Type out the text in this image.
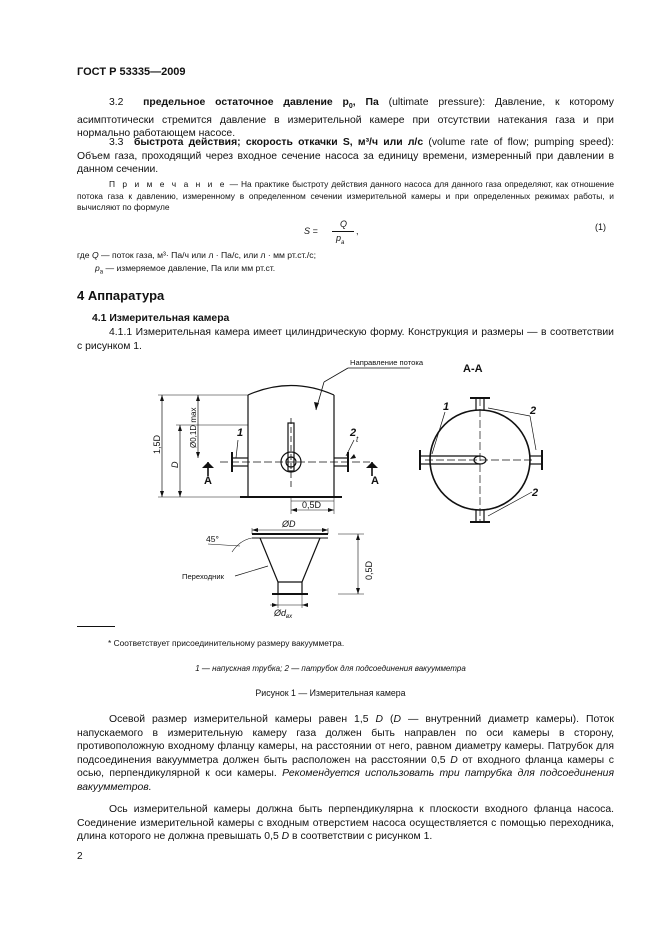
ГОСТ Р 53335—2009
3.2 предельное остаточное давление $p_0$, Па (ultimate pressure): Давление, к которому асимптотически стремится давление в измерительной камере при отсутствии натекания газа и при нормально работающем насосе.
3.3 быстрота действия; скорость откачки S, м³/ч или л/с (volume rate of flow; pumping speed): Объем газа, проходящий через входное сечение насоса за единицу времени, измеренный при давлении в данном сечении.
П р и м е ч а н и е — На практике быстроту действия данного насоса для данного газа определяют, как отношение потока газа к давлению, измеренному в определенном сечении измерительной камеры и при определенных режимах работы, и вычисляют по формуле
S =
Q
$p_a$
,	(1)
где Q — поток газа, м³· Па/ч или л · Па/с, или л · мм рт.ст./с;
$p_a$ — измеряемое давление, Па или мм рт.ст.
4 Аппаратура
4.1 Измерительная камера
4.1.1 Измерительная камера имеет цилиндрическую форму. Конструкция и размеры — в соответствии с рисунком 1.
Направление потока
А-А
1	2
А	А
1	2
2
1,5D
D
Ø0,1D max
0,5D
t
ØD
45°
0,5D
$Ød_{вх}$
Переходник
* Соответствует присоединительному размеру вакуумметра.
1 — напускная трубка; 2 — патрубок для подсоединения вакуумметра
Рисунок 1 — Измерительная камера
Осевой размер измерительной камеры равен 1,5 D (D — внутренний диаметр камеры). Поток напускаемого в измерительную камеру газа должен быть направлен по оси камеры в сторону, противоположную входному фланцу камеры, на расстоянии от него, равном диаметру камеры. Патрубок для подсоединения вакуумметра должен быть расположен на расстоянии 0,5 D от входного фланца камеры с осью, перпендикулярной к оси камеры. Рекомендуется использовать три патрубка для подсоединения вакуумметров.
Ось измерительной камеры должна быть перпендикулярна к плоскости входного фланца насоса. Соединение измерительной камеры с входным отверстием насоса осуществляется с помощью переходника, длина которого не должна превышать 0,5 D в соответствии с рисунком 1.
2
